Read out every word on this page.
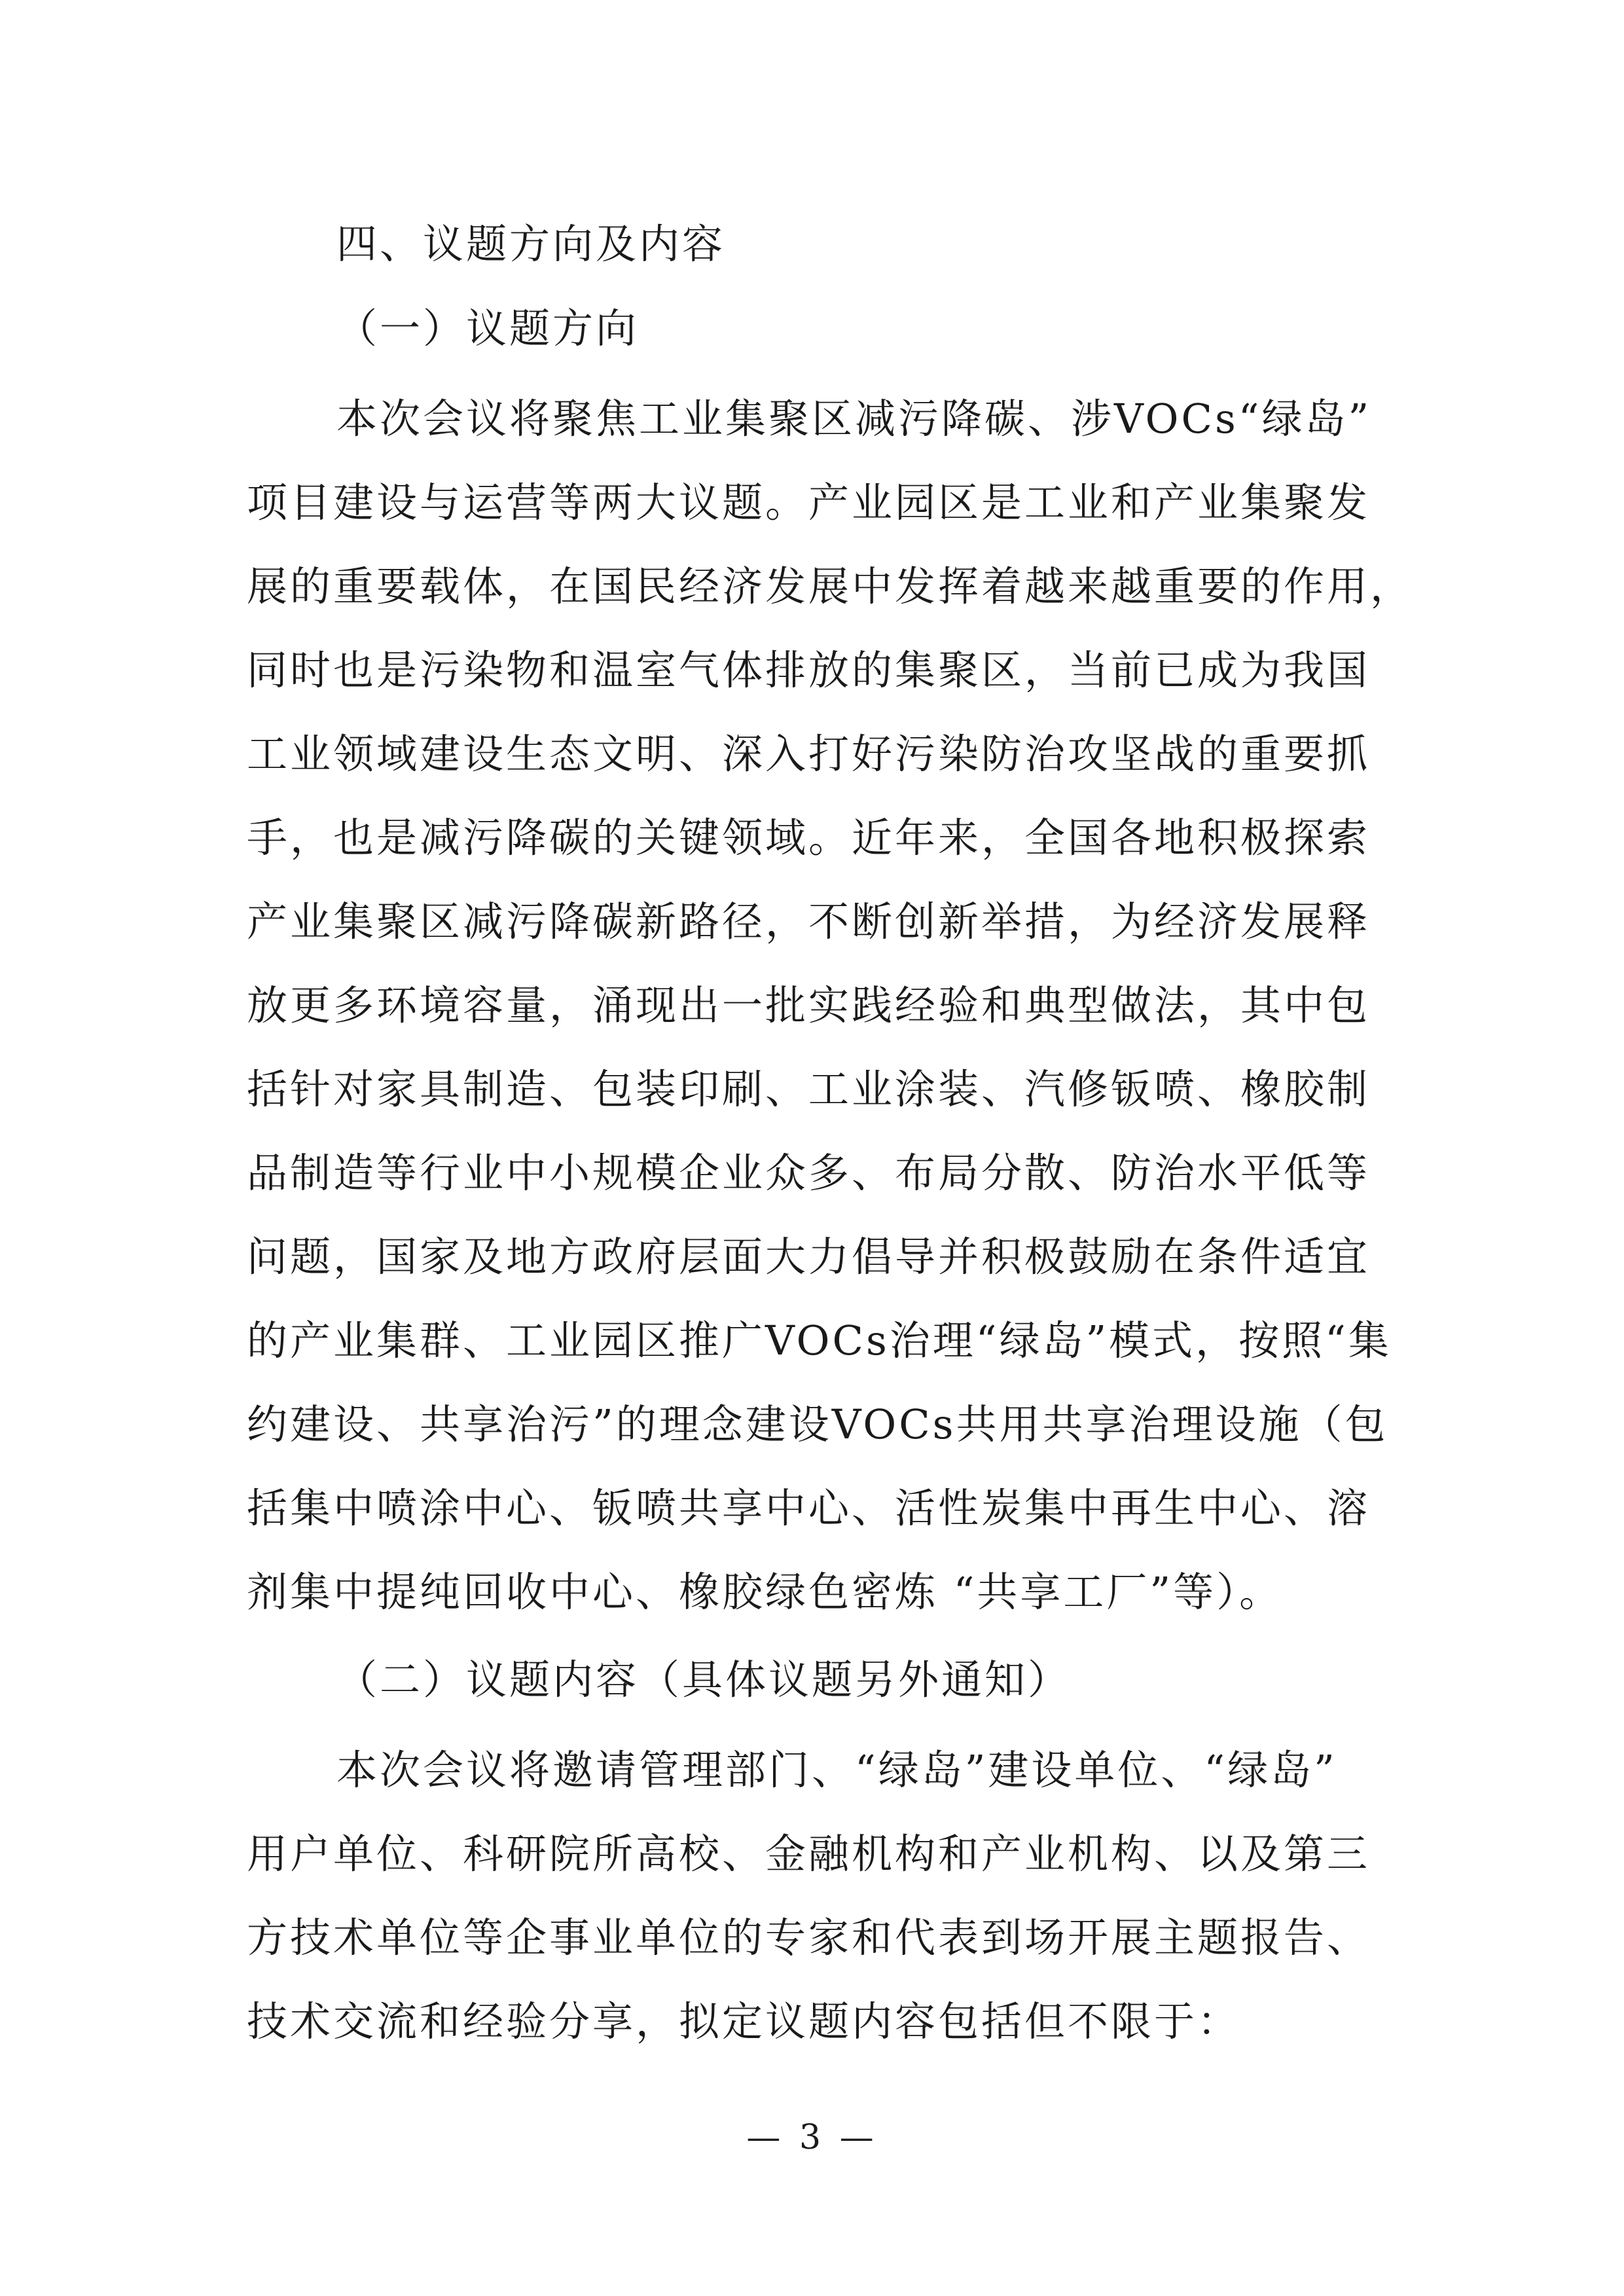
四、议题方向及内容
（一）议题方向
本次会议将聚焦工业集聚区减污降碳、涉VOCs“绿岛”
项目建设与运营等两大议题。产业园区是工业和产业集聚发
展的重要载体，在国民经济发展中发挥着越来越重要的作用，
同时也是污染物和温室气体排放的集聚区，当前已成为我国
工业领域建设生态文明、深入打好污染防治攻坚战的重要抓
手，也是减污降碳的关键领域。近年来，全国各地积极探索
产业集聚区减污降碳新路径，不断创新举措，为经济发展释
放更多环境容量，涌现出一批实践经验和典型做法，其中包
括针对家具制造、包装印刷、工业涂装、汽修钣喷、橡胶制
品制造等行业中小规模企业众多、布局分散、防治水平低等
问题，国家及地方政府层面大力倡导并积极鼓励在条件适宜
的产业集群、工业园区推广VOCs治理“绿岛”模式，按照“集
约建设、共享治污”的理念建设VOCs共用共享治理设施（包
括集中喷涂中心、钣喷共享中心、活性炭集中再生中心、溶
剂集中提纯回收中心、橡胶绿色密炼 “共享工厂”等）。
（二）议题内容（具体议题另外通知）
本次会议将邀请管理部门、“绿岛”建设单位、“绿岛”
用户单位、科研院所高校、金融机构和产业机构、以及第三
方技术单位等企事业单位的专家和代表到场开展主题报告、
技术交流和经验分享，拟定议题内容包括但不限于：
— 3 —
